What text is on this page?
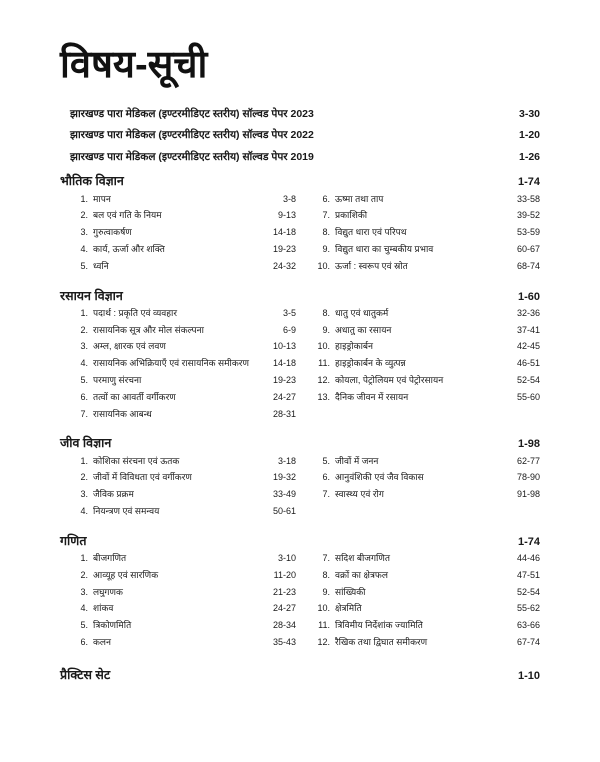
विषय-सूची
झारखण्ड पारा मेडिकल (इण्टरमीडिएट स्तरीय) सॉल्वड पेपर 2023	3-30
झारखण्ड पारा मेडिकल (इण्टरमीडिएट स्तरीय) सॉल्वड पेपर 2022	1-20
झारखण्ड पारा मेडिकल (इण्टरमीडिएट स्तरीय) सॉल्वड पेपर 2019	1-26
भौतिक विज्ञान	1-74
1. मापन	3-8
2. बल एवं गति के नियम	9-13
3. गुरुत्वाकर्षण	14-18
4. कार्य, ऊर्जा और शक्ति	19-23
5. ध्वनि	24-32
6. ऊष्मा तथा ताप	33-58
7. प्रकाशिकी	39-52
8. विद्युत धारा एवं परिपथ	53-59
9. विद्युत धारा का चुम्बकीय प्रभाव	60-67
10. ऊर्जा : स्वरूप एवं स्रोत	68-74
रसायन विज्ञान	1-60
1. पदार्थ : प्रकृति एवं व्यवहार	3-5
2. रासायनिक सूत्र और मोल संकल्पना	6-9
3. अम्ल, क्षारक एवं लवण	10-13
4. रासायनिक अभिक्रियाएँ एवं रासायनिक समीकरण	14-18
5. परमाणु संरचना	19-23
6. तत्वों का आवर्ती वर्गीकरण	24-27
7. रासायनिक आबन्ध	28-31
8. धातु एवं धातुकर्म	32-36
9. अधातु का रसायन	37-41
10. हाइड्रोकार्बन	42-45
11. हाइड्रोकार्बन के व्युत्पन्न	46-51
12. कोयला, पेट्रोलियम एवं पेट्रोरसायन	52-54
13. दैनिक जीवन में रसायन	55-60
जीव विज्ञान	1-98
1. कोशिका संरचना एवं ऊतक	3-18
2. जीवों में विविधता एवं वर्गीकरण	19-32
3. जैविक प्रक्रम	33-49
4. नियन्त्रण एवं समन्वय	50-61
5. जीवों में जनन	62-77
6. आनुवंशिकी एवं जैव विकास	78-90
7. स्वास्थ्य एवं रोग	91-98
गणित	1-74
1. बीजगणित	3-10
2. आव्यूह एवं सारणिक	11-20
3. लघुगणक	21-23
4. शांकव	24-27
5. त्रिकोणमिति	28-34
6. कलन	35-43
7. सदिश बीजगणित	44-46
8. वक्रों का क्षेत्रफल	47-51
9. सांख्यिकी	52-54
10. क्षेत्रमिति	55-62
11. त्रिविमीय निर्देशांक ज्यामिति	63-66
12. रैखिक तथा द्विघात समीकरण	67-74
प्रैक्टिस सेट	1-10
